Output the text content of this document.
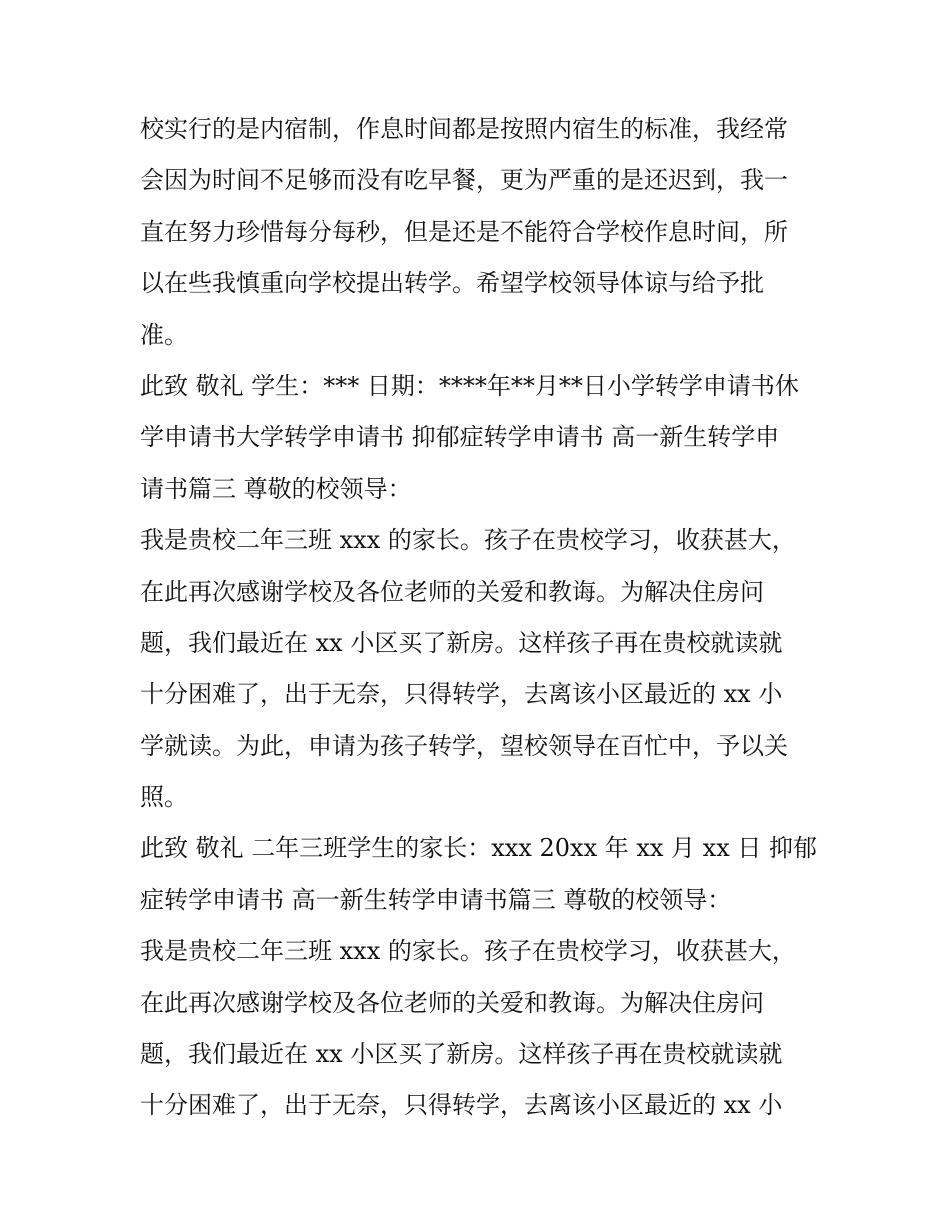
校实行的是内宿制，作息时间都是按照内宿生的标准，我经常
会因为时间不足够而没有吃早餐，更为严重的是还迟到，我一
直在努力珍惜每分每秒，但是还是不能符合学校作息时间，所
以在些我慎重向学校提出转学。希望学校领导体谅与给予批
准。
此致 敬礼 学生：*** 日期：****年**月**日小学转学申请书休
学申请书大学转学申请书 抑郁症转学申请书 高一新生转学申
请书篇三 尊敬的校领导：
我是贵校二年三班 xxx 的家长。孩子在贵校学习，收获甚大，
在此再次感谢学校及各位老师的关爱和教诲。为解决住房问
题，我们最近在 xx 小区买了新房。这样孩子再在贵校就读就
十分困难了，出于无奈，只得转学，去离该小区最近的 xx 小
学就读。为此，申请为孩子转学，望校领导在百忙中，予以关
照。
此致 敬礼 二年三班学生的家长：xxx 20xx 年 xx 月 xx 日 抑郁
症转学申请书 高一新生转学申请书篇三 尊敬的校领导：
我是贵校二年三班 xxx 的家长。孩子在贵校学习，收获甚大，
在此再次感谢学校及各位老师的关爱和教诲。为解决住房问
题，我们最近在 xx 小区买了新房。这样孩子再在贵校就读就
十分困难了，出于无奈，只得转学，去离该小区最近的 xx 小
